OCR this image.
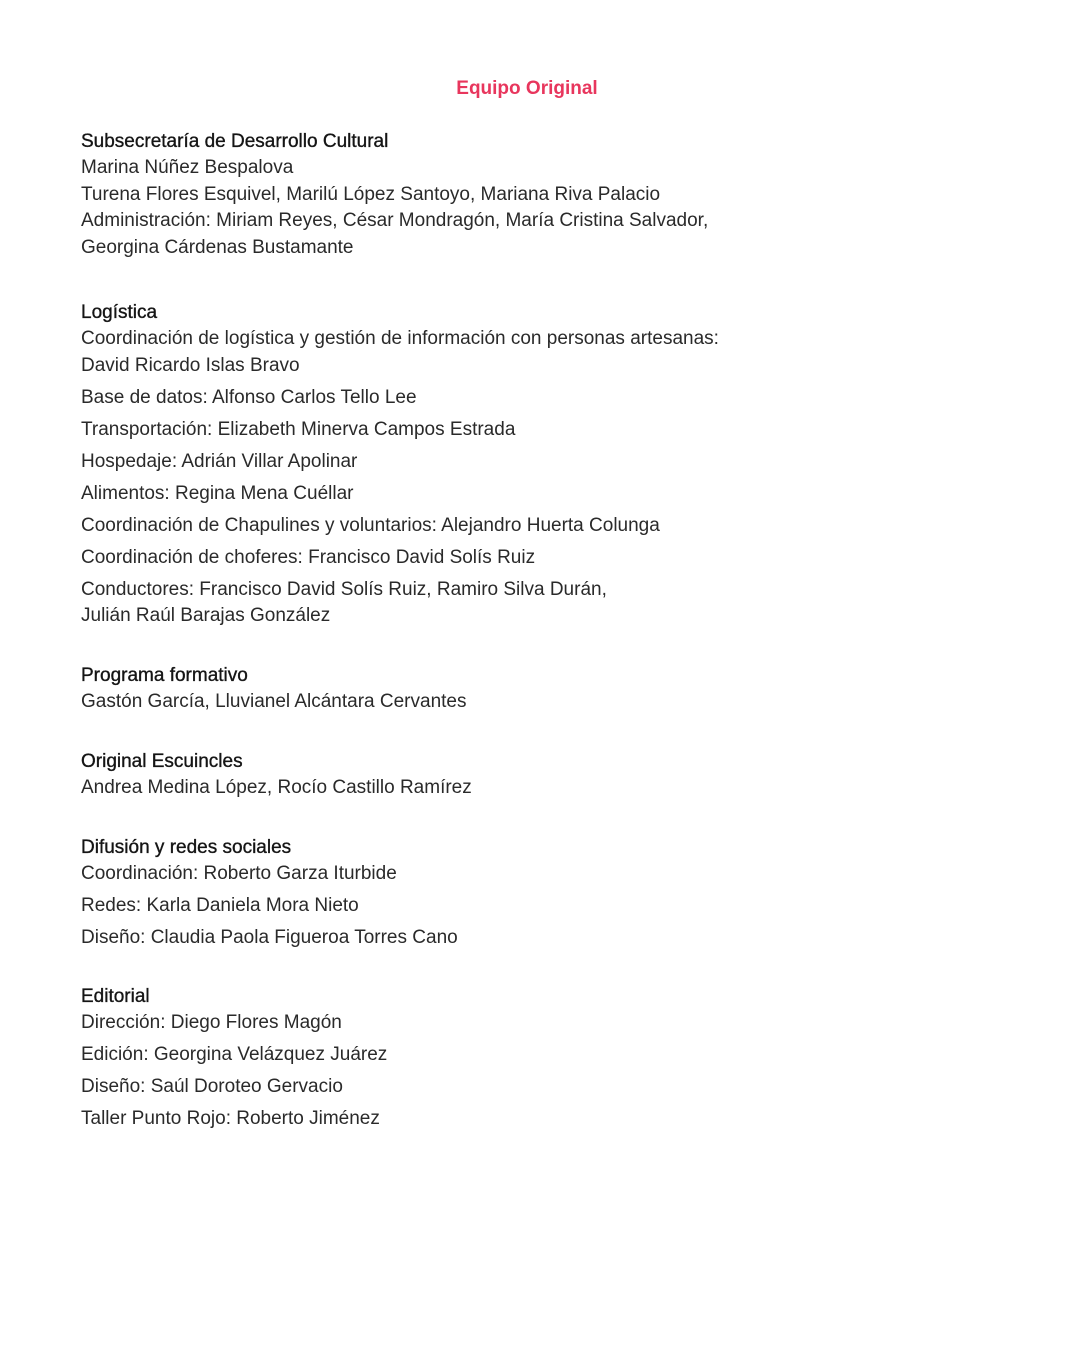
Equipo Original
Subsecretaría de Desarrollo Cultural

Marina Núñez Bespalova

Turena Flores Esquivel, Marilú López Santoyo, Mariana Riva Palacio

Administración: Miriam Reyes, César Mondragón, María Cristina Salvador,

Georgina Cárdenas Bustamante

Logística

Coordinación de logística y gestión de información con personas artesanas:

David Ricardo Islas Bravo

Base de datos: Alfonso Carlos Tello Lee

Transportación: Elizabeth Minerva Campos Estrada

Hospedaje: Adrián Villar Apolinar

Alimentos: Regina Mena Cuéllar

Coordinación de Chapulines y voluntarios: Alejandro Huerta Colunga

Coordinación de choferes: Francisco David Solís Ruiz

Conductores: Francisco David Solís Ruiz, Ramiro Silva Durán,

Julián Raúl Barajas González

Programa formativo

Gastón García, Lluvianel Alcántara Cervantes

Original Escuincles

Andrea Medina López, Rocío Castillo Ramírez

Difusión y redes sociales

Coordinación: Roberto Garza Iturbide

Redes: Karla Daniela Mora Nieto

Diseño: Claudia Paola Figueroa Torres Cano

Editorial

Dirección: Diego Flores Magón

Edición: Georgina Velázquez Juárez

Diseño: Saúl Doroteo Gervacio

Taller Punto Rojo: Roberto Jiménez
